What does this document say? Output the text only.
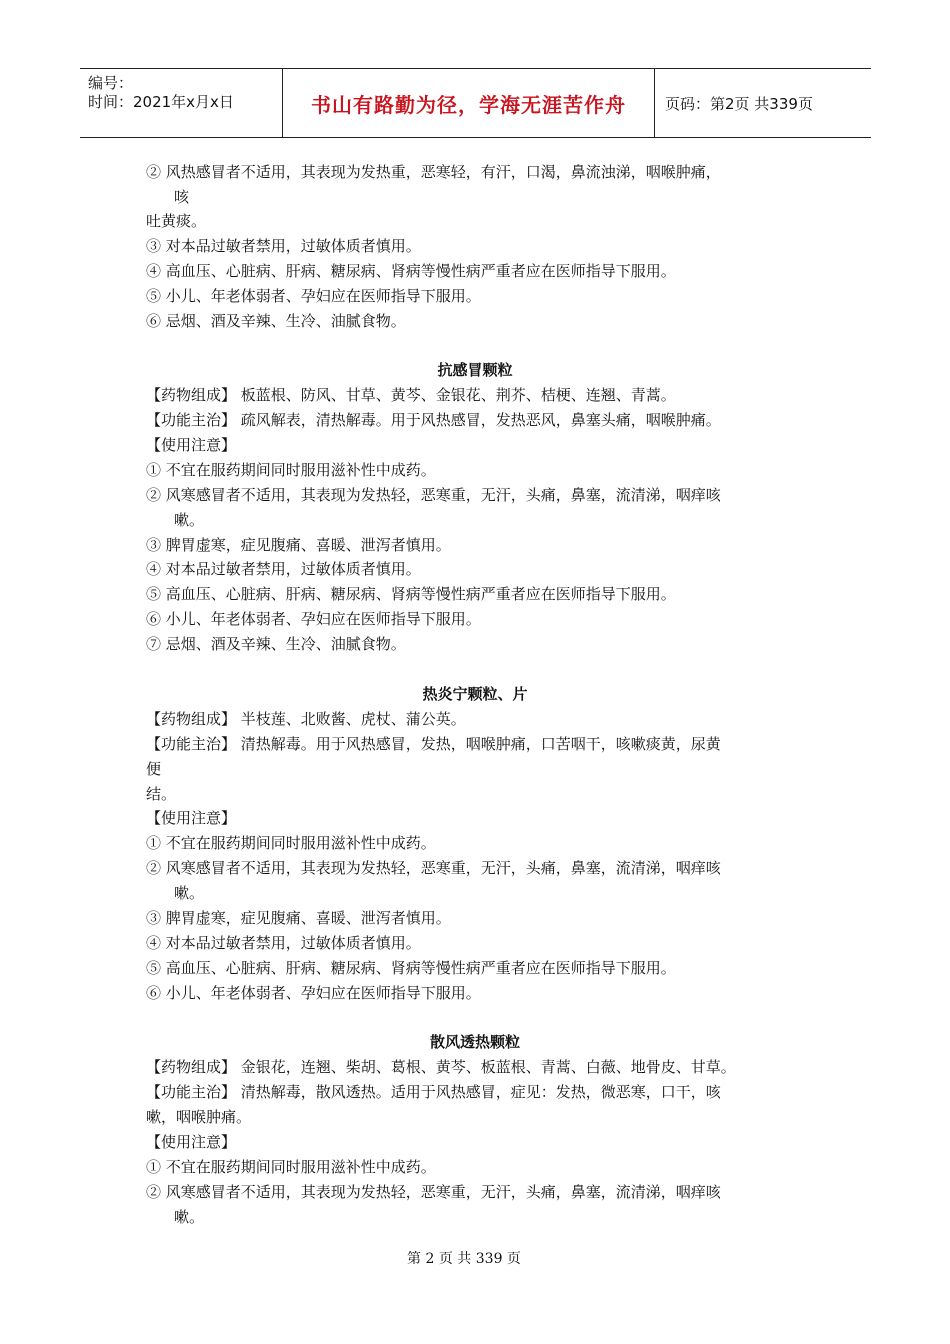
编号：
时间：2021年x月x日	书山有路勤为径，学海无涯苦作舟	页码：第2页 共339页
② 风热感冒者不适用，其表现为发热重，恶寒轻，有汗，口渴，鼻流浊涕，咽喉肿痛，
咳
吐黄痰。
③ 对本品过敏者禁用，过敏体质者慎用。
④ 高血压、心脏病、肝病、糖尿病、肾病等慢性病严重者应在医师指导下服用。
⑤ 小儿、年老体弱者、孕妇应在医师指导下服用。
⑥ 忌烟、酒及辛辣、生冷、油腻食物。
抗感冒颗粒
【药物组成】 板蓝根、防风、甘草、黄芩、金银花、荆芥、桔梗、连翘、青蒿。
【功能主治】 疏风解表，清热解毒。用于风热感冒，发热恶风，鼻塞头痛，咽喉肿痛。
【使用注意】
① 不宜在服药期间同时服用滋补性中成药。
② 风寒感冒者不适用，其表现为发热轻，恶寒重，无汗，头痛，鼻塞，流清涕，咽痒咳
嗽。
③ 脾胃虚寒，症见腹痛、喜暖、泄泻者慎用。
④ 对本品过敏者禁用，过敏体质者慎用。
⑤ 高血压、心脏病、肝病、糖尿病、肾病等慢性病严重者应在医师指导下服用。
⑥ 小儿、年老体弱者、孕妇应在医师指导下服用。
⑦ 忌烟、酒及辛辣、生冷、油腻食物。
热炎宁颗粒、片
【药物组成】 半枝莲、北败酱、虎杖、蒲公英。
【功能主治】 清热解毒。用于风热感冒，发热，咽喉肿痛，口苦咽干，咳嗽痰黄，尿黄
便
结。
【使用注意】
① 不宜在服药期间同时服用滋补性中成药。
② 风寒感冒者不适用，其表现为发热轻，恶寒重，无汗，头痛，鼻塞，流清涕，咽痒咳
嗽。
③ 脾胃虚寒，症见腹痛、喜暖、泄泻者慎用。
④ 对本品过敏者禁用，过敏体质者慎用。
⑤ 高血压、心脏病、肝病、糖尿病、肾病等慢性病严重者应在医师指导下服用。
⑥ 小儿、年老体弱者、孕妇应在医师指导下服用。
散风透热颗粒
【药物组成】 金银花，连翘、柴胡、葛根、黄芩、板蓝根、青蒿、白薇、地骨皮、甘草。
【功能主治】 清热解毒，散风透热。适用于风热感冒，症见：发热，微恶寒，口干，咳
嗽，咽喉肿痛。
【使用注意】
① 不宜在服药期间同时服用滋补性中成药。
② 风寒感冒者不适用，其表现为发热轻，恶寒重，无汗，头痛，鼻塞，流清涕，咽痒咳
嗽。
第 2 页 共 339 页
